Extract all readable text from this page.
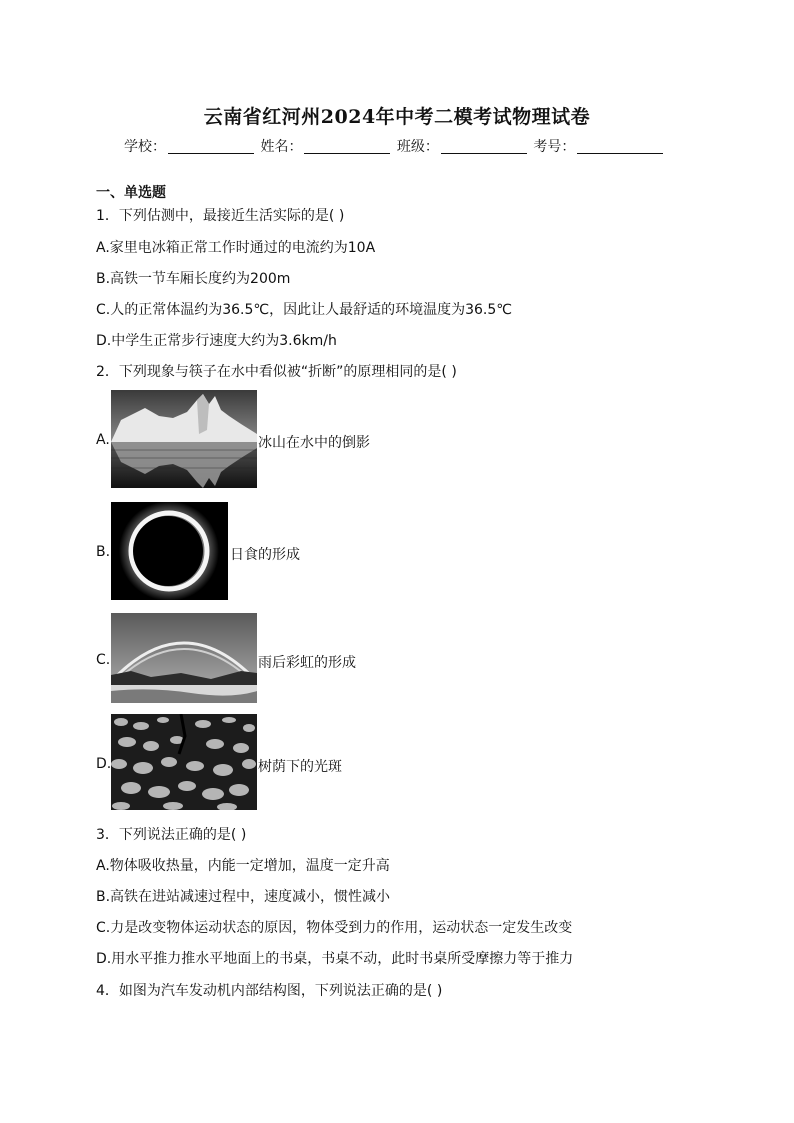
云南省红河州2024年中考二模考试物理试卷
学校：	姓名：	班级：	考号：
一、单选题
1．下列估测中，最接近生活实际的是( )
A.家里电冰箱正常工作时通过的电流约为10A
B.高铁一节车厢长度约为200m
C.人的正常体温约为36.5℃，因此让人最舒适的环境温度为36.5℃
D.中学生正常步行速度大约为3.6km/h
2．下列现象与筷子在水中看似被“折断”的原理相同的是( )
A.	冰山在水中的倒影
B.	日食的形成
C.	雨后彩虹的形成
D.	树荫下的光斑
3．下列说法正确的是( )
A.物体吸收热量，内能一定增加，温度一定升高
B.高铁在进站减速过程中，速度减小，惯性减小
C.力是改变物体运动状态的原因，物体受到力的作用，运动状态一定发生改变
D.用水平推力推水平地面上的书桌，书桌不动，此时书桌所受摩擦力等于推力
4．如图为汽车发动机内部结构图，下列说法正确的是( )
